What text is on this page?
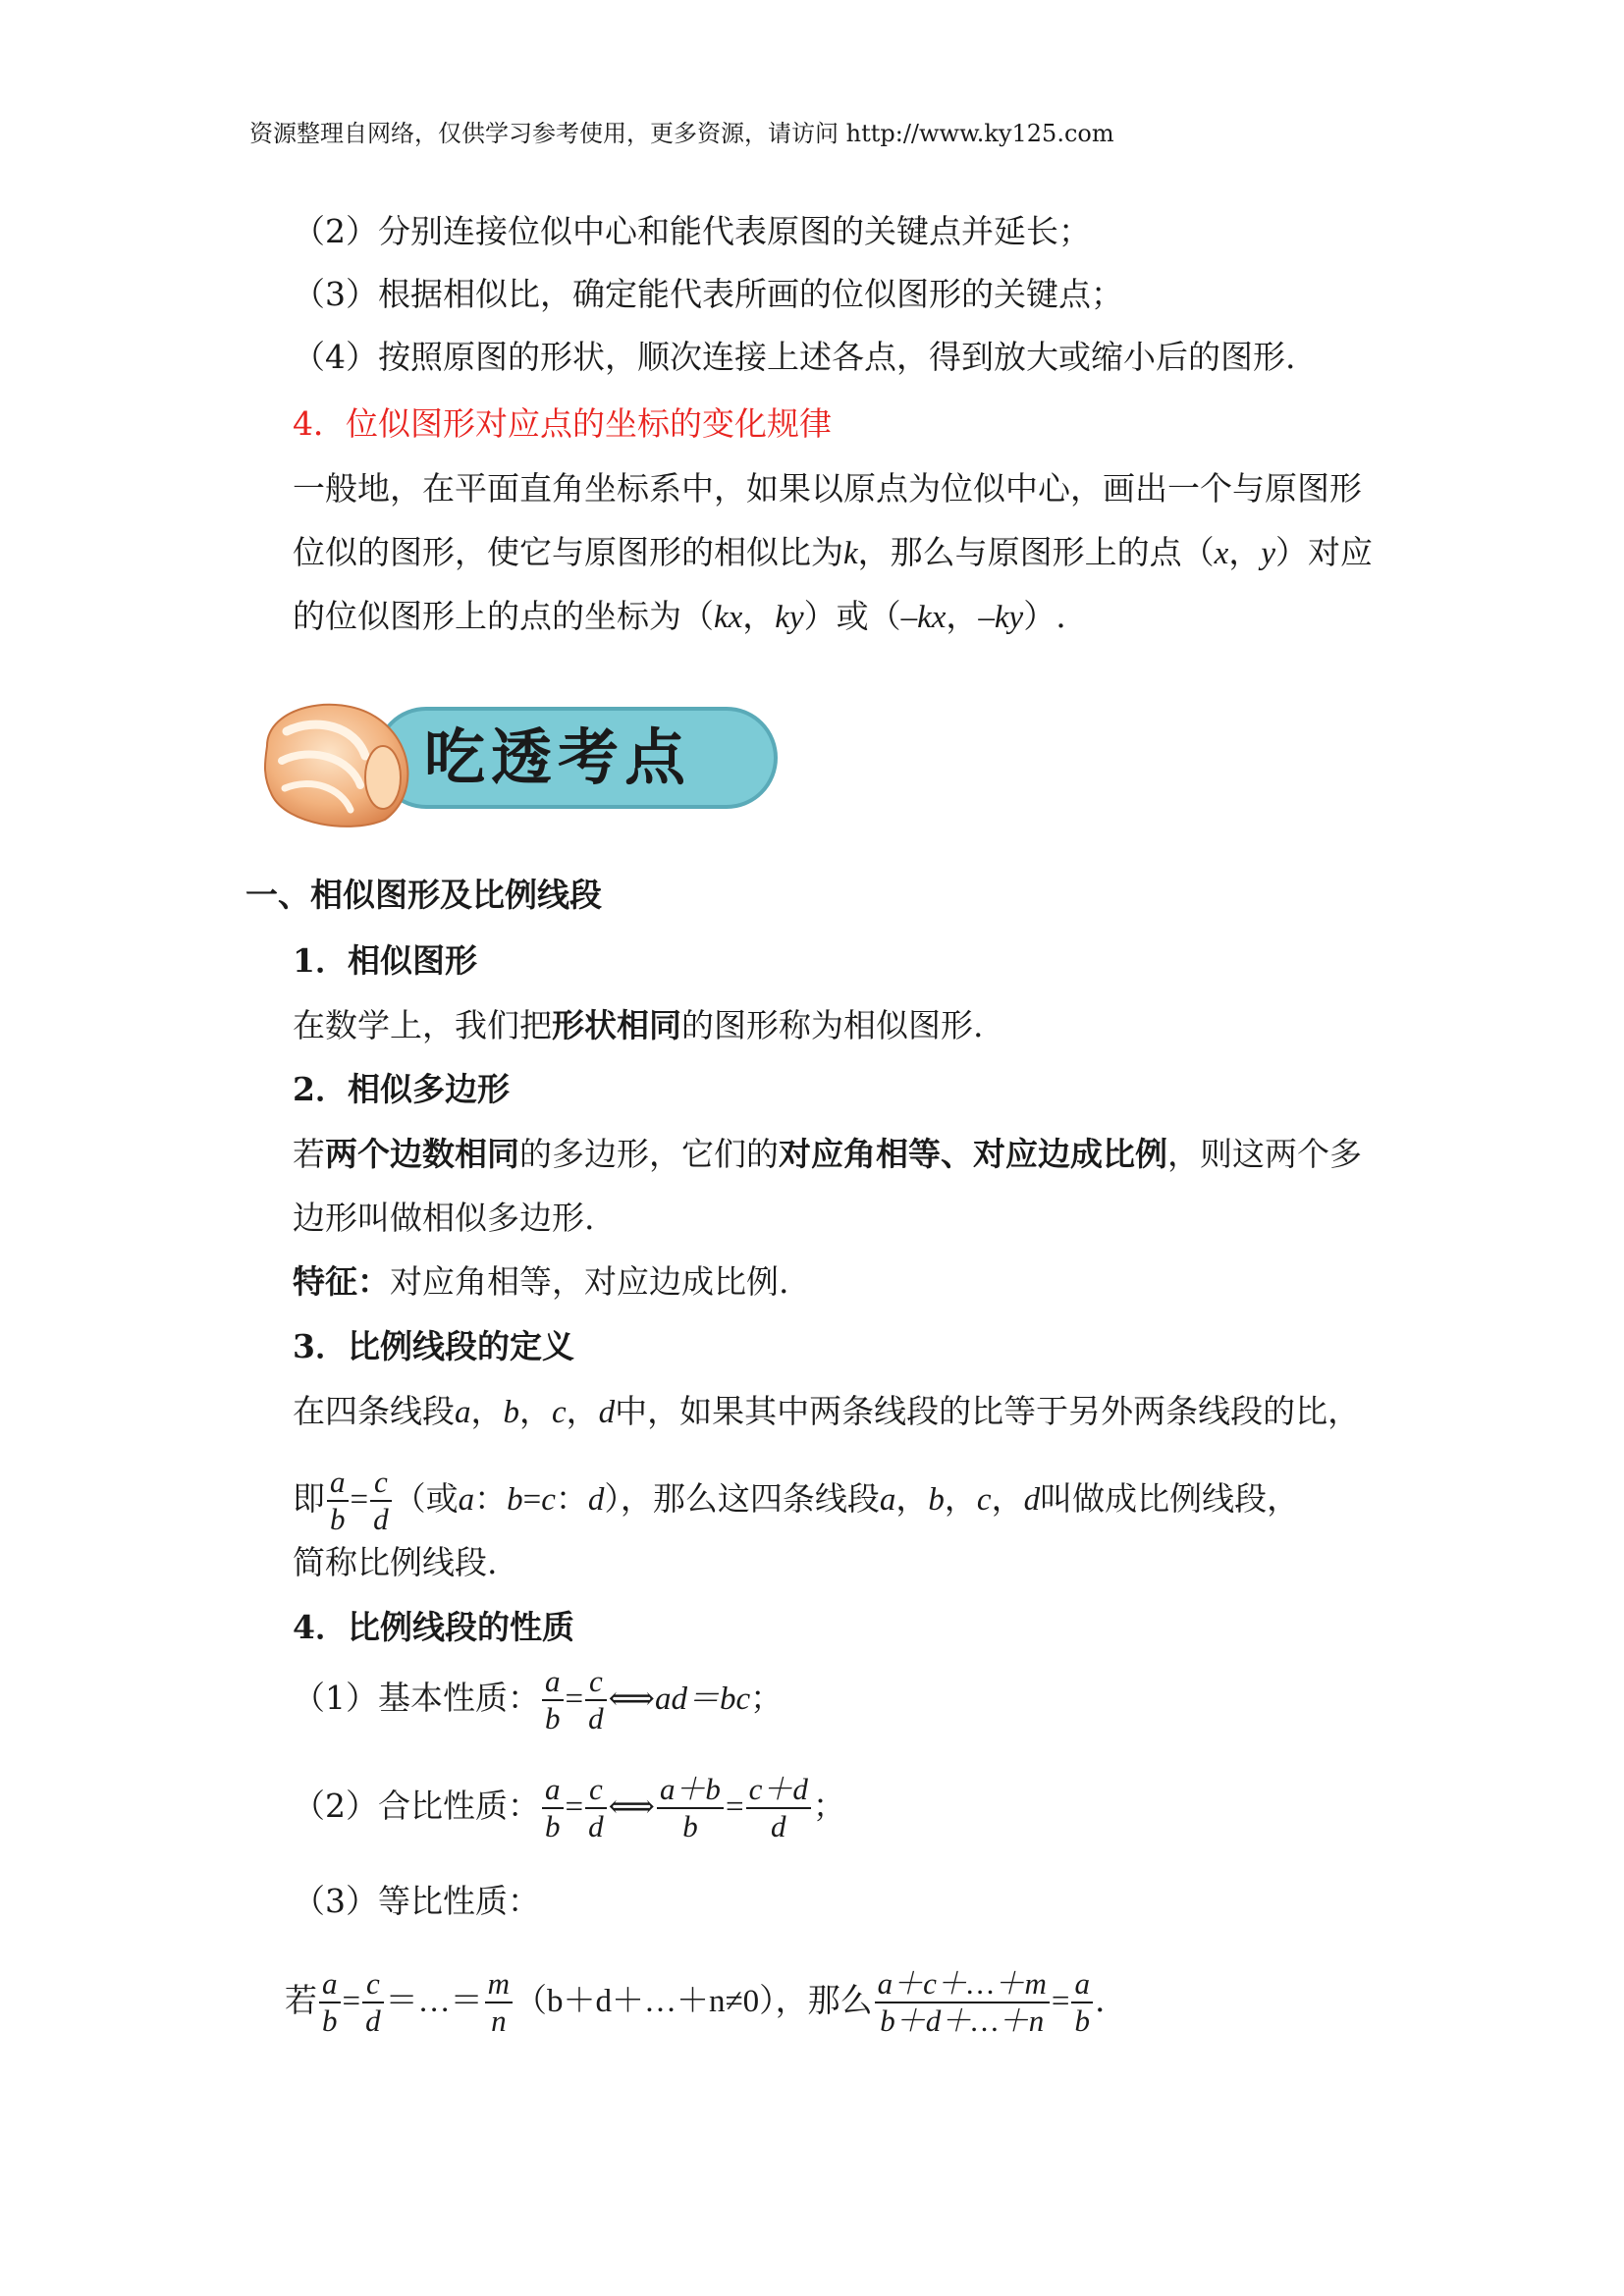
资源整理自网络，仅供学习参考使用，更多资源，请访问 http://www.ky125.com
（2）分别连接位似中心和能代表原图的关键点并延长；
（3）根据相似比，确定能代表所画的位似图形的关键点；
（4）按照原图的形状，顺次连接上述各点，得到放大或缩小后的图形.
4．位似图形对应点的坐标的变化规律
一般地，在平面直角坐标系中，如果以原点为位似中心，画出一个与原图形
位似的图形，使它与原图形的相似比为k，那么与原图形上的点（x，y）对应
的位似图形上的点的坐标为（kx，ky）或（–kx，–ky）.
吃透考点
一、相似图形及比例线段
1．相似图形
在数学上，我们把形状相同的图形称为相似图形.
2．相似多边形
若两个边数相同的多边形，它们的对应角相等、对应边成比例，则这两个多
边形叫做相似多边形.
特征：对应角相等，对应边成比例.
3．比例线段的定义
在四条线段a，b，c，d中，如果其中两条线段的比等于另外两条线段的比，
即 $\frac{a}{b} = \frac{c}{d}$ （或a：b=c：d），那么这四条线段a，b，c，d叫做成比例线段，
简称比例线段.
4．比例线段的性质
（1）基本性质： $\frac{a}{b} = \frac{c}{d}$ ⟺ad＝bc；
（2）合比性质： $\frac{a}{b} = \frac{c}{d}$ ⟺ $\frac{a+b}{b} = \frac{c+d}{d}$ ；
（3）等比性质：
若 $\frac{a}{b} = \frac{c}{d}$ ＝…＝ $\frac{m}{n}$ （b＋d＋…＋n≠0），那么 $\frac{a+c+\dots+m}{b+d+\dots+n} = \frac{a}{b}$ .
